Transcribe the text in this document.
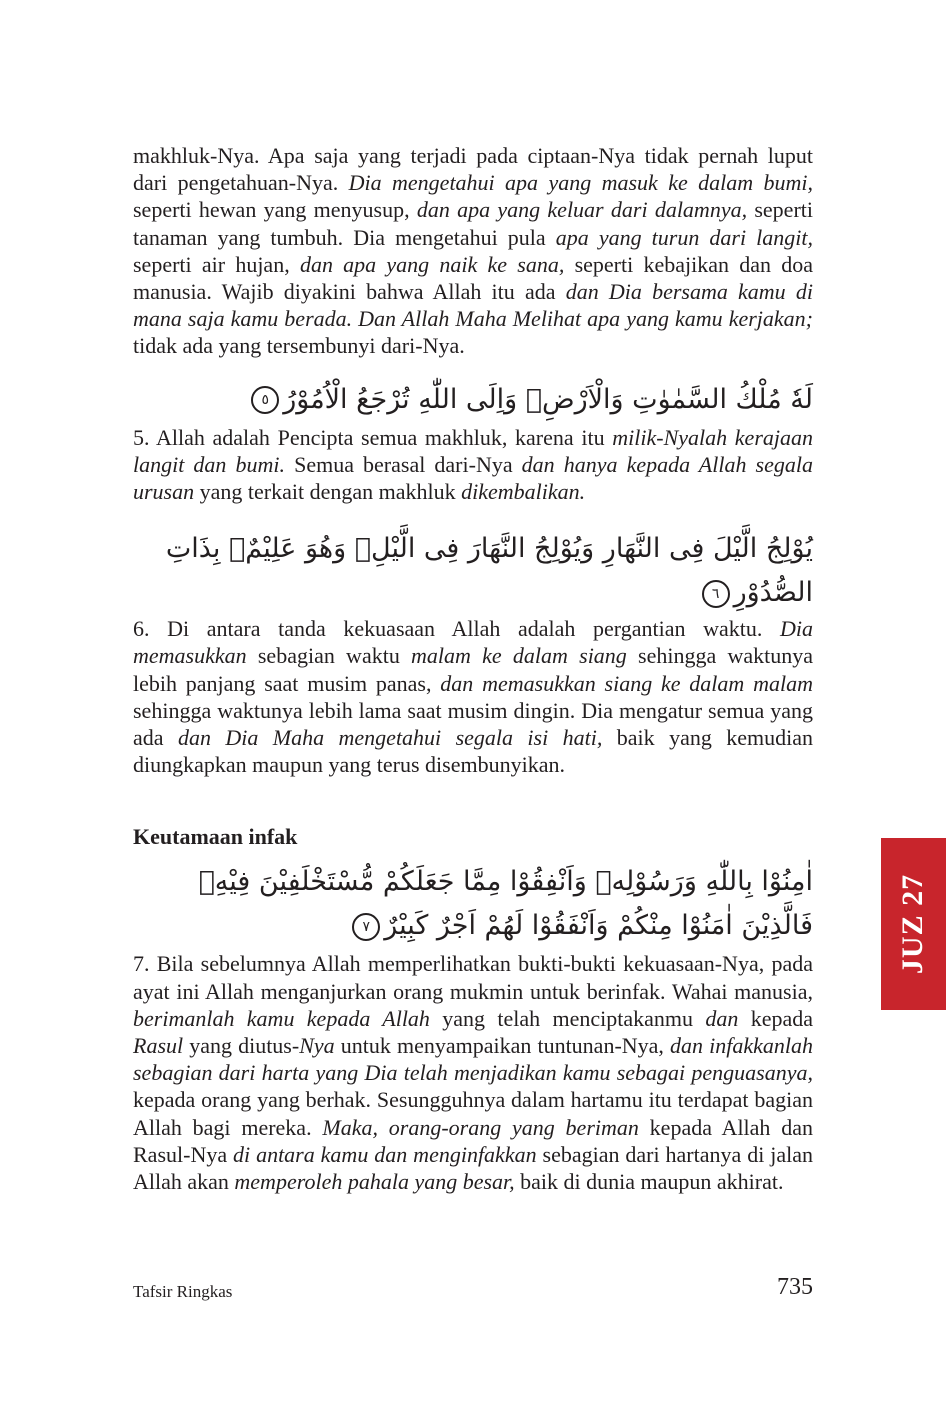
makhluk-Nya. Apa saja yang terjadi pada ciptaan-Nya tidak pernah luput dari pengetahuan-Nya. Dia mengetahui apa yang masuk ke dalam bumi, seperti hewan yang menyusup, dan apa yang keluar dari dalamnya, seperti tanaman yang tumbuh. Dia mengetahui pula apa yang turun dari langit, seperti air hujan, dan apa yang naik ke sana, seperti kebajikan dan doa manusia. Wajib diyakini bahwa Allah itu ada dan Dia bersama kamu di mana saja kamu berada. Dan Allah Maha Melihat apa yang kamu kerjakan; tidak ada yang tersembunyi dari-Nya.

لَهٗ مُلْكُ السَّمٰوٰتِ وَالْاَرْضِۗ وَاِلَى اللّٰهِ تُرْجَعُ الْاُمُوْرُ٥

5. Allah adalah Pencipta semua makhluk, karena itu milik-Nyalah kerajaan langit dan bumi. Semua berasal dari-Nya dan hanya kepada Allah segala urusan yang terkait dengan makhluk dikembalikan.

يُوْلِجُ الَّيْلَ فِى النَّهَارِ وَيُوْلِجُ النَّهَارَ فِى الَّيْلِۗ وَهُوَ عَلِيْمٌۢ بِذَاتِ الصُّدُوْرِ٦

6. Di antara tanda kekuasaan Allah adalah pergantian waktu. Dia memasukkan sebagian waktu malam ke dalam siang sehingga waktunya lebih panjang saat musim panas, dan memasukkan siang ke dalam malam sehingga waktunya lebih lama saat musim dingin. Dia mengatur semua yang ada dan Dia Maha mengetahui segala isi hati, baik yang kemudian diungkapkan maupun yang terus disembunyikan.

Keutamaan infak
اٰمِنُوْا بِاللّٰهِ وَرَسُوْلِهٖ وَاَنْفِقُوْا مِمَّا جَعَلَكُمْ مُّسْتَخْلَفِيْنَ فِيْهِۗ فَالَّذِيْنَ اٰمَنُوْا مِنْكُمْ وَاَنْفَقُوْا لَهُمْ اَجْرٌ كَبِيْرٌ٧

7. Bila sebelumnya Allah memperlihatkan bukti-bukti kekuasaan-Nya, pada ayat ini Allah menganjurkan orang mukmin untuk berinfak. Wahai manusia, berimanlah kamu kepada Allah yang telah menciptakanmu dan kepada Rasul yang diutus-Nya untuk menyampaikan tuntunan-Nya, dan infakkanlah sebagian dari harta yang Dia telah menjadikan kamu sebagai penguasanya, kepada orang yang berhak. Sesungguhnya dalam hartamu itu terdapat bagian Allah bagi mereka. Maka, orang-orang yang beriman kepada Allah dan Rasul-Nya di antara kamu dan menginfakkan sebagian dari hartanya di jalan Allah akan memperoleh pahala yang besar, baik di dunia maupun akhirat.

JUZ 27
Tafsir Ringkas	735
